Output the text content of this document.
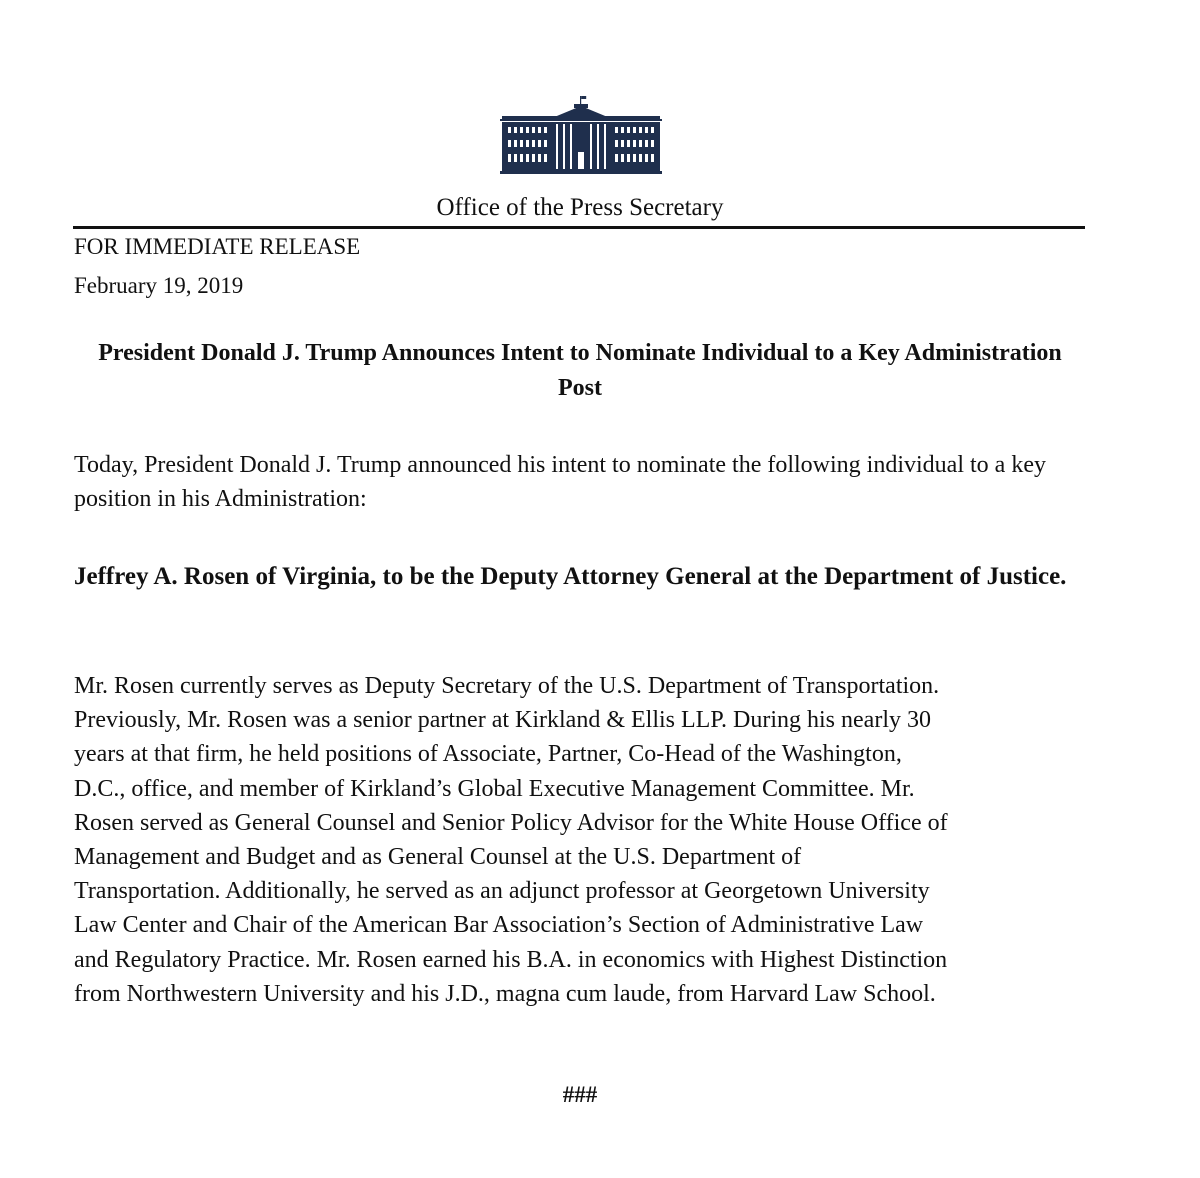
Office of the Press Secretary
FOR IMMEDIATE RELEASE
February 19, 2019
President Donald J. Trump Announces Intent to Nominate Individual to a Key Administration Post
Today, President Donald J. Trump announced his intent to nominate the following individual to a key position in his Administration:
Jeffrey A. Rosen of Virginia, to be the Deputy Attorney General at the Department of Justice.
Mr. Rosen currently serves as Deputy Secretary of the U.S. Department of Transportation.
Previously, Mr. Rosen was a senior partner at Kirkland & Ellis LLP. During his nearly 30
years at that firm, he held positions of Associate, Partner, Co-Head of the Washington,
D.C., office, and member of Kirkland’s Global Executive Management Committee. Mr.
Rosen served as General Counsel and Senior Policy Advisor for the White House Office of
Management and Budget and as General Counsel at the U.S. Department of
Transportation. Additionally, he served as an adjunct professor at Georgetown University
Law Center and Chair of the American Bar Association’s Section of Administrative Law
and Regulatory Practice. Mr. Rosen earned his B.A. in economics with Highest Distinction
from Northwestern University and his J.D., magna cum laude, from Harvard Law School.
###
